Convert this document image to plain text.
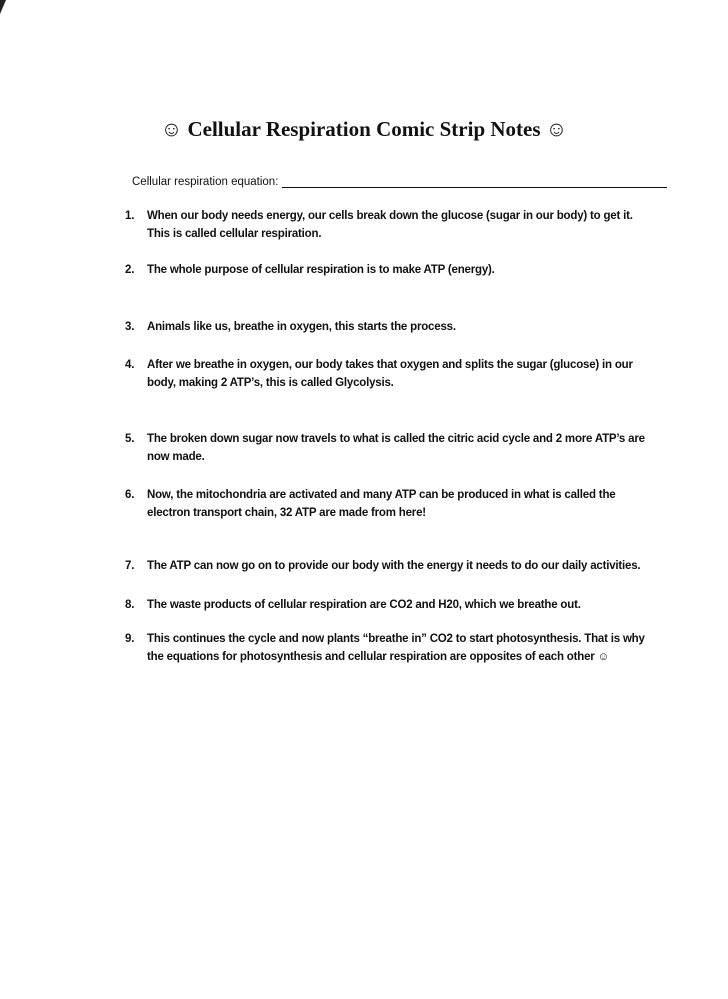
☺ Cellular Respiration Comic Strip Notes ☺
Cellular respiration equation:
1.	When our body needs energy, our cells break down the glucose (sugar in our body) to get it. This is called cellular respiration.
2.	The whole purpose of cellular respiration is to make ATP (energy).
3.	Animals like us, breathe in oxygen, this starts the process.
4.	After we breathe in oxygen, our body takes that oxygen and splits the sugar (glucose) in our body, making 2 ATP’s, this is called Glycolysis.
5.	The broken down sugar now travels to what is called the citric acid cycle and 2 more ATP’s are now made.
6.	Now, the mitochondria are activated and many ATP can be produced in what is called the electron transport chain, 32 ATP are made from here!
7.	The ATP can now go on to provide our body with the energy it needs to do our daily activities.
8.	The waste products of cellular respiration are CO2 and H20, which we breathe out.
9.	This continues the cycle and now plants “breathe in” CO2 to start photosynthesis. That is why the equations for photosynthesis and cellular respiration are opposites of each other ☺
